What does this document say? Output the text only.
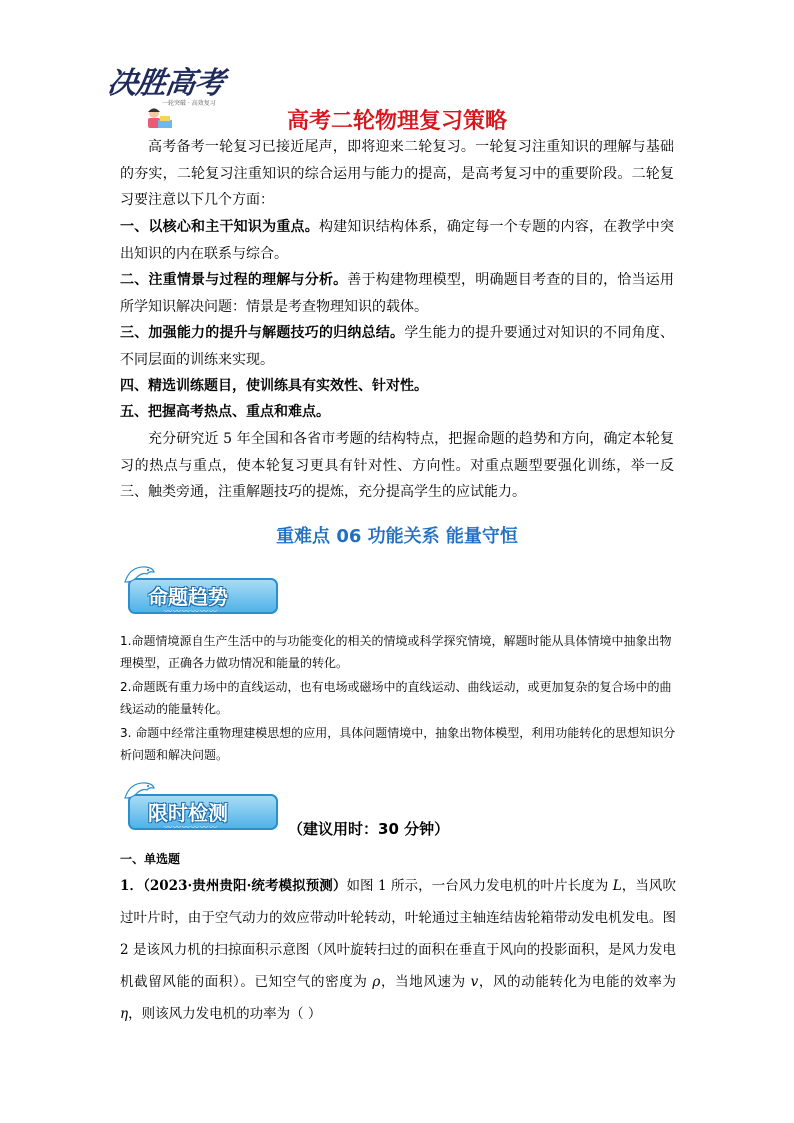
决胜高考
一轮突破 · 高效复习
高考二轮物理复习策略

高考备考一轮复习已接近尾声，即将迎来二轮复习。一轮复习注重知识的理解与基础的夯实，二轮复习注重知识的综合运用与能力的提高，是高考复习中的重要阶段。二轮复习要注意以下几个方面：

一、以核心和主干知识为重点。构建知识结构体系，确定每一个专题的内容，在教学中突出知识的内在联系与综合。

二、注重情景与过程的理解与分析。善于构建物理模型，明确题目考查的目的，恰当运用所学知识解决问题：情景是考查物理知识的载体。

三、加强能力的提升与解题技巧的归纳总结。学生能力的提升要通过对知识的不同角度、不同层面的训练来实现。

四、精选训练题目，使训练具有实效性、针对性。

五、把握高考热点、重点和难点。

充分研究近 5 年全国和各省市考题的结构特点，把握命题的趋势和方向，确定本轮复习的热点与重点，使本轮复习更具有针对性、方向性。对重点题型要强化训练，举一反三、触类旁通，注重解题技巧的提炼，充分提高学生的应试能力。

重难点 06 功能关系 能量守恒
命题趋势
〰〰〰〰〰〰

1.命题情境源自生产生活中的与功能变化的相关的情境或科学探究情境，解题时能从具体情境中抽象出物理模型，正确各力做功情况和能量的转化。

2.命题既有重力场中的直线运动，也有电场或磁场中的直线运动、曲线运动，或更加复杂的复合场中的曲线运动的能量转化。

3. 命题中经常注重物理建模思想的应用，具体问题情境中，抽象出物体模型，利用功能转化的思想知识分析问题和解决问题。

限时检测
〰〰〰〰〰〰	（建议用时：30 分钟）

一、单选题

1．（2023·贵州贵阳·统考模拟预测）如图 1 所示，一台风力发电机的叶片长度为 L，当风吹过叶片时，由于空气动力的效应带动叶轮转动，叶轮通过主轴连结齿轮箱带动发电机发电。图 2 是该风力机的扫掠面积示意图（风叶旋转扫过的面积在垂直于风向的投影面积，是风力发电机截留风能的面积）。已知空气的密度为 ρ，当地风速为 v，风的动能转化为电能的效率为 η，则该风力发电机的功率为（ ）
